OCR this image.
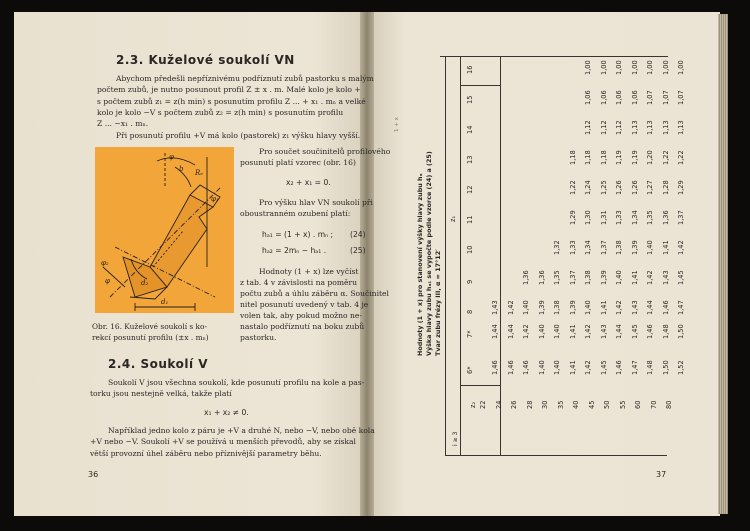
2.3. Kuželové soukolí VN
Abychom předešli nepříznivému podříznutí zubů pastorku s malým
počtem zubů, je nutno posunout profil Z ± x . m. Malé kolo je kolo +
s počtem zubů z₁ = z(h min) s posunutím profilu Z ... + x₁ . mₙ a velké
kolo je kolo −V s počtem zubů z₂ = z(h min) s posunutím profilu
Z ... −x₁ . mₙ.
Při posunutí profilu +V má kolo (pastorek) z₁ výšku hlavy vyšší.
φ
b Rₑ
φ₁
φ₂
φ	d₂
d₁
Pro součet součinitelů profilového
posunutí platí vzorec (obr. 16)
x₂ + x₁ = 0.
Pro výšku hlav VN soukolí při
oboustranném ozubení platí:
hₐ₁ = (1 + x) . mₙ ; (24)
hₐ₂ = 2mₙ − hₐ₁ .	(25)
Hodnoty (1 + x) lze vyčíst
z tab. 4 v závislosti na poměru
počtu zubů a úhlu záběru α. Součinitel
nitel posunutí uvedený v tab. 4 je
volen tak, aby pokud možno ne-
nastalo podříznutí na boku zubů
pastorku.
Obr. 16. Kuželové soukolí s ko-
rekcí posunutí profilu (±x . mₙ)
2.4. Soukolí V
Soukolí V jsou všechna soukolí, kde posunutí profilu na kole a pas-
torku jsou nestejně velká, takže platí
x₁ + x₂ ≠ 0.
Například jedno kolo z páru je +V a druhé N, nebo −V, nebo obě kola
+V nebo −V. Soukolí +V se používá u menších převodů, aby se získal
větší provozní úhel záběru nebo příznivější parametry běhu.
36
1 + x
Hodnoty (1 + x) pro stanovení výšky hlavy zubu hₐ Výška hlavy zubu hₐ₁ se vypočte podle vzorce (24) a (25) Tvar zubu frézy III, α = 17°12′
z₂
z₁
i ≥ 3
6*
7*
8
9
10
11
12
13
14
15
16
22
1,46
1,44
1,43
24
1,46
1,44
1,42
26
1,46
1,42
1,40
1,36
28
1,40
1,40
1,39
1,36
30
1,40
1,40
1,38
1,35
1,32
35
1,41
1,41
1,39
1,37
1,33
1,29
1,22
1,18
40
1,42
1,42
1,40
1,38
1,34
1,30
1,24
1,18
1,12
1,06
1,00
45
1,45
1,43
1,41
1,39
1,37
1,31
1,25
1,18
1,12
1,06
1,00
50
1,46
1,44
1,42
1,40
1,38
1,33
1,26
1,19
1,12
1,06
1,00
55
1,47
1,45
1,43
1,41
1,39
1,34
1,26
1,19
1,13
1,06
1,00
60
1,48
1,46
1,44
1,42
1,40
1,35
1,27
1,20
1,13
1,07
1,00
70
1,50
1,48
1,46
1,43
1,41
1,36
1,28
1,22
1,13
1,07
1,00
80
1,52
1,50
1,47
1,45
1,42
1,37
1,29
1,22
1,13
1,07
1,00
37
